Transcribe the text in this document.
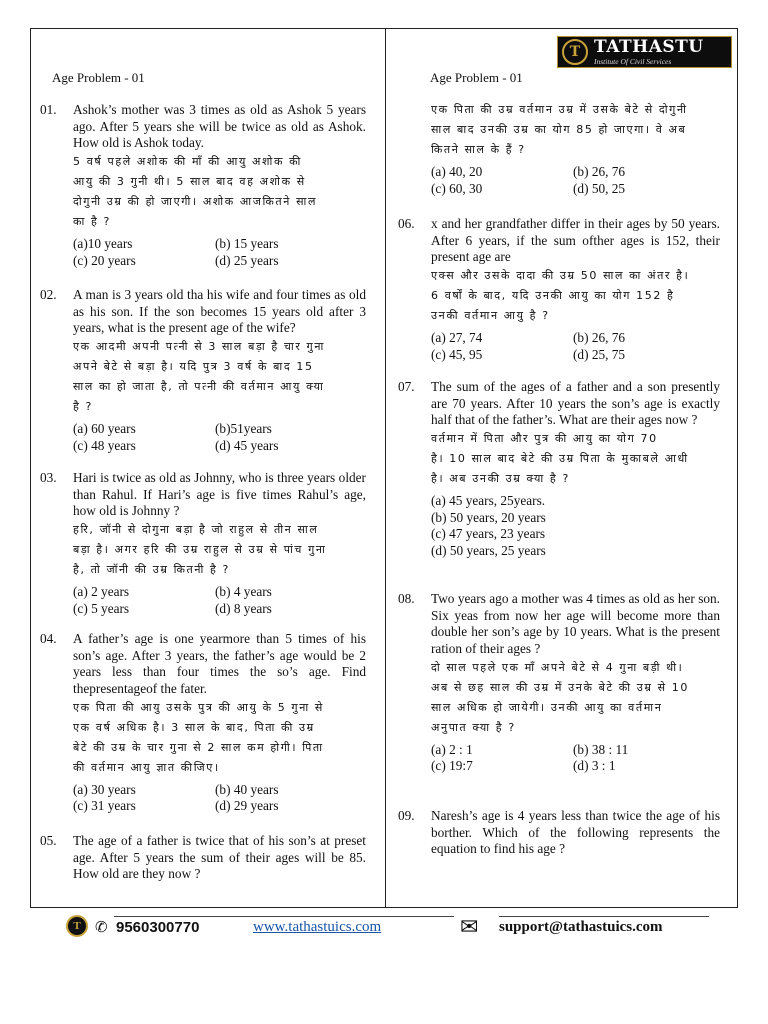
T TATHASTU
Institute Of Civil Services
Age Problem - 01	Age Problem - 01
01. Ashok’s mother was 3 times as old as Ashok 5 years ago. After 5 years she will be twice as old as Ashok. How old is Ashok today.
5 वर्ष पहले अशोक की माँ की आयु अशोक की
आयु की 3 गुनी थी। 5 साल बाद वह अशोक से
दोगुनी उम्र की हो जाएगी। अशोक आजकितने साल
का है ?
(a)10 years	(b) 15 years
(c) 20 years	(d) 25 years
02. A man is 3 years old tha his wife and four times as old as his son. If the son becomes 15 years old after 3 years, what is the present age of the wife?
एक आदमी अपनी पत्नी से 3 साल बड़ा है चार गुना
अपने बेटे से बड़ा है। यदि पुत्र 3 वर्ष के बाद 15
साल का हो जाता है, तो पत्नी की वर्तमान आयु क्या
है ?
(a) 60 years	(b)51years
(c) 48 years	(d) 45 years
03. Hari is twice as old as Johnny, who is three years older than Rahul. If Hari’s age is five times Rahul’s age, how old is Johnny ?
हरि, जॉनी से दोगुना बड़ा है जो राहुल से तीन साल
बड़ा है। अगर हरि की उम्र राहुल से उम्र से पांच गुना
है, तो जॉनी की उम्र कितनी है ?
(a) 2 years	(b) 4 years
(c) 5 years	(d) 8 years
04. A father’s age is one yearmore than 5 times of his son’s age. After 3 years, the father’s age would be 2 years less than four times the so’s age. Find thepresentageof the fater.
एक पिता की आयु उसके पुत्र की आयु के 5 गुना से
एक वर्ष अधिक है। 3 साल के बाद, पिता की उम्र
बेटे की उम्र के चार गुना से 2 साल कम होगी। पिता
की वर्तमान आयु ज्ञात कीजिए।
(a) 30 years	(b) 40 years
(c) 31 years	(d) 29 years
05. The age of a father is twice that of his son’s at preset age. After 5 years the sum of their ages will be 85. How old are they now ?
एक पिता की उम्र वर्तमान उम्र में उसके बेटे से दोगुनी
साल बाद उनकी उम्र का योग 85 हो जाएगा। वे अब
कितने साल के हैं ?
(a) 40, 20	(b) 26, 76
(c) 60, 30	(d) 50, 25
06. x and her grandfather differ in their ages by 50 years. After 6 years, if the sum ofther ages is 152, their present age are
एक्स और उसके दादा की उम्र 50 साल का अंतर है।
6 वर्षों के बाद, यदि उनकी आयु का योग 152 है
उनकी वर्तमान आयु है ?
(a) 27, 74	(b) 26, 76
(c) 45, 95	(d) 25, 75
07. The sum of the ages of a father and a son presently are 70 years. After 10 years the son’s age is exactly half that of the father’s. What are their ages now ?
वर्तमान में पिता और पुत्र की आयु का योग 70
है। 10 साल बाद बेटे की उम्र पिता के मुकाबले आधी
है। अब उनकी उम्र क्या है ?
(a) 45 years, 25years.
(b) 50 years, 20 years
(c) 47 years, 23 years
(d) 50 years, 25 years
08. Two years ago a mother was 4 times as old as her son. Six yeas from now her age will become more than double her son’s age by 10 years. What is the present ration of their ages ?
दो साल पहले एक माँ अपने बेटे से 4 गुना बड़ी थी।
अब से छह साल की उम्र में उनके बेटे की उम्र से 10
साल अधिक हो जायेगी। उनकी आयु का वर्तमान
अनुपात क्या है ?
(a) 2 : 1	(b) 38 : 11
(c) 19:7	(d) 3 : 1
09. Naresh’s age is 4 years less than twice the age of his borther. Which of the following represents the equation to find his age ?
T ✆ 9560300770	www.tathastuics.com	✉ support@tathastuics.com
